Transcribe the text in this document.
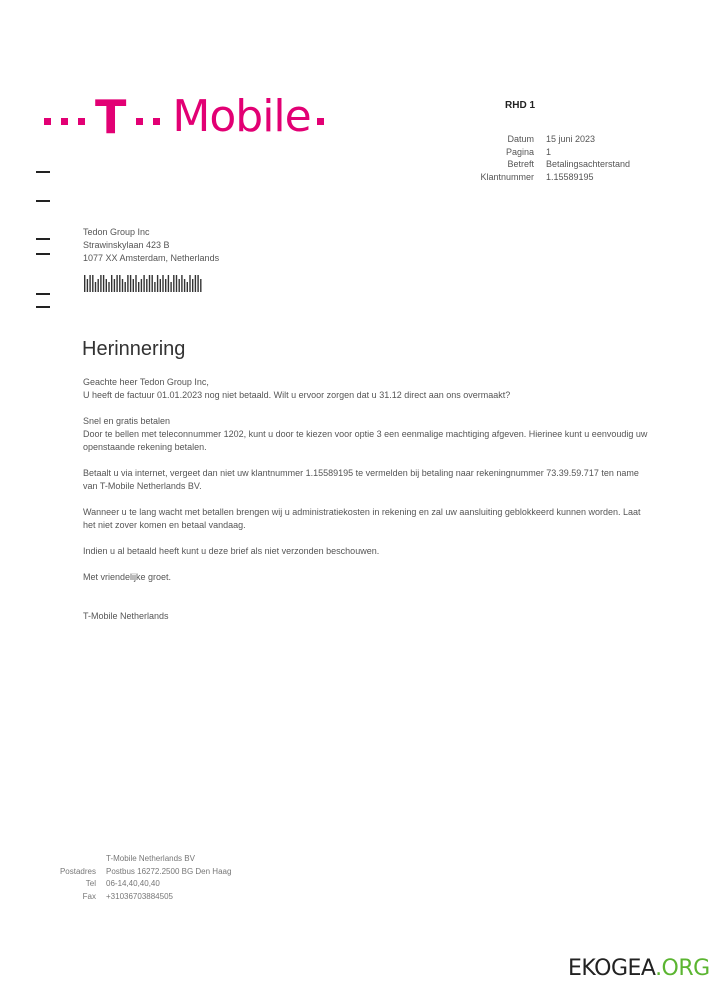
T Mobile	RHD 1
Datum	15 juni 2023
Pagina	1
Betreft	Betalingsachterstand
Klantnummer	1.15589195
Tedon Group Inc
Strawinskylaan 423 B
1077 XX Amsterdam, Netherlands
Herinnering

Geachte heer Tedon Group Inc,

U heeft de factuur 01.01.2023 nog niet betaald. Wilt u ervoor zorgen dat u 31.12 direct aan ons overmaakt?

Snel en gratis betalen

Door te bellen met teleconnummer 1202, kunt u door te kiezen voor optie 3 een eenmalige machtiging afgeven. Hierinee kunt u eenvoudig uw openstaande rekening betalen.

Betaalt u via internet, vergeet dan niet uw klantnummer 1.15589195 te vermelden bij betaling naar rekeningnummer 73.39.59.717 ten name van T-Mobile Netherlands BV.

Wanneer u te lang wacht met betallen brengen wij u administratiekosten in rekening en zal uw aansluiting geblokkeerd kunnen worden. Laat het niet zover komen en betaal vandaag.

Indien u al betaald heeft kunt u deze brief als niet verzonden beschouwen.

Met vriendelijke groet.

T-Mobile Netherlands

T-Mobile Netherlands BV
Postadres	Postbus 16272.2500 BG Den Haag
Tel	06-14,40,40,40
Fax	+31036703884505
EKOGEA.ORG
